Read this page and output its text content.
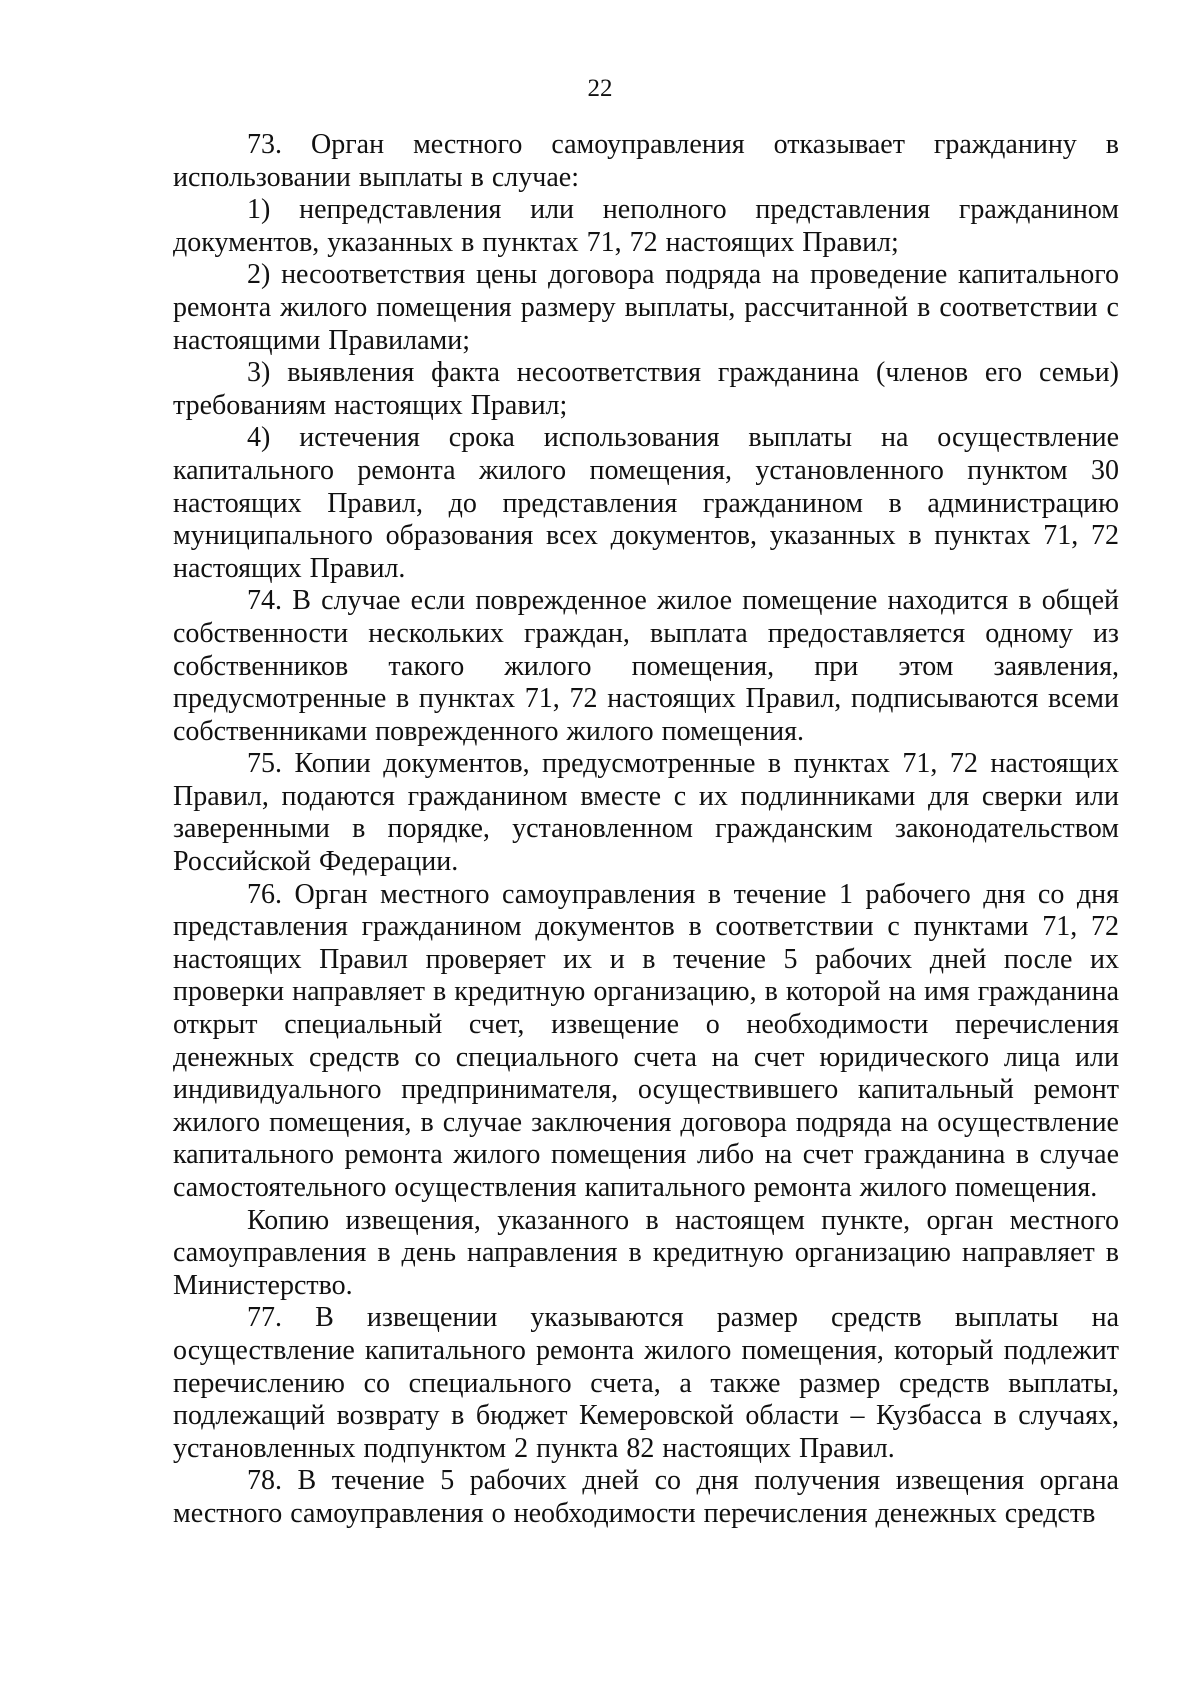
22

73. Орган местного самоуправления отказывает гражданину в использовании выплаты в случае:

1) непредставления или неполного представления гражданином документов, указанных в пунктах 71, 72 настоящих Правил;

2) несоответствия цены договора подряда на проведение капитального ремонта жилого помещения размеру выплаты, рассчитанной в соответствии с настоящими Правилами;

3) выявления факта несоответствия гражданина (членов его семьи) требованиям настоящих Правил;

4) истечения срока использования выплаты на осуществление капитального ремонта жилого помещения, установленного пунктом 30 настоящих Правил, до представления гражданином в администрацию муниципального образования всех документов, указанных в пунктах 71, 72 настоящих Правил.

74. В случае если поврежденное жилое помещение находится в общей собственности нескольких граждан, выплата предоставляется одному из собственников такого жилого помещения, при этом заявления, предусмотренные в пунктах 71, 72 настоящих Правил, подписываются всеми собственниками поврежденного жилого помещения.

75. Копии документов, предусмотренные в пунктах 71, 72 настоящих Правил, подаются гражданином вместе с их подлинниками для сверки или заверенными в порядке, установленном гражданским законодательством Российской Федерации.

76. Орган местного самоуправления в течение 1 рабочего дня со дня представления гражданином документов в соответствии с пунктами 71, 72 настоящих Правил проверяет их и в течение 5 рабочих дней после их проверки направляет в кредитную организацию, в которой на имя гражданина открыт специальный счет, извещение о необходимости перечисления денежных средств со специального счета на счет юридического лица или индивидуального предпринимателя, осуществившего капитальный ремонт жилого помещения, в случае заключения договора подряда на осуществление капитального ремонта жилого помещения либо на счет гражданина в случае самостоятельного осуществления капитального ремонта жилого помещения.

Копию извещения, указанного в настоящем пункте, орган местного самоуправления в день направления в кредитную организацию направляет в Министерство.

77. В извещении указываются размер средств выплаты на осуществление капитального ремонта жилого помещения, который подлежит перечислению со специального счета, а также размер средств выплаты, подлежащий возврату в бюджет Кемеровской области – Кузбасса в случаях, установленных подпунктом 2 пункта 82 настоящих Правил.

78. В течение 5 рабочих дней со дня получения извещения органа местного самоуправления о необходимости перечисления денежных средств
